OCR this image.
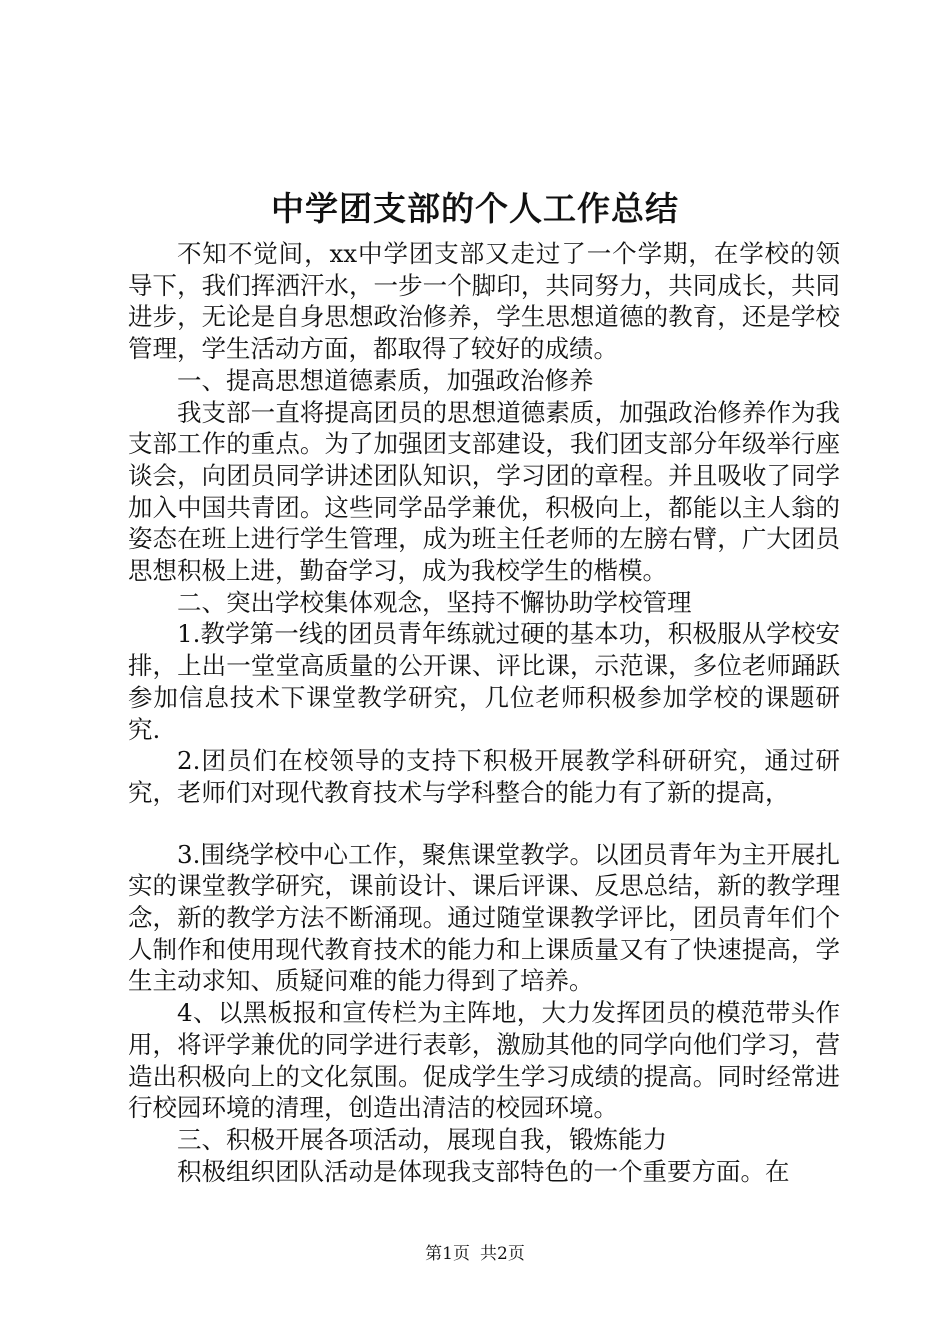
中学团支部的个人工作总结

不知不觉间，xx中学团支部又走过了一个学期，在学校的领导下，我们挥洒汗水，一步一个脚印，共同努力，共同成长，共同进步，无论是自身思想政治修养，学生思想道德的教育，还是学校管理，学生活动方面，都取得了较好的成绩。

一、提高思想道德素质，加强政治修养

我支部一直将提高团员的思想道德素质，加强政治修养作为我支部工作的重点。为了加强团支部建设，我们团支部分年级举行座谈会，向团员同学讲述团队知识，学习团的章程。并且吸收了同学加入中国共青团。这些同学品学兼优，积极向上，都能以主人翁的姿态在班上进行学生管理，成为班主任老师的左膀右臂，广大团员思想积极上进，勤奋学习，成为我校学生的楷模。

二、突出学校集体观念，坚持不懈协助学校管理

1.教学第一线的团员青年练就过硬的基本功，积极服从学校安排，上出一堂堂高质量的公开课、评比课，示范课，多位老师踊跃参加信息技术下课堂教学研究，几位老师积极参加学校的课题研究.

2.团员们在校领导的支持下积极开展教学科研研究，通过研究，老师们对现代教育技术与学科整合的能力有了新的提高，

3.围绕学校中心工作，聚焦课堂教学。以团员青年为主开展扎实的课堂教学研究，课前设计、课后评课、反思总结，新的教学理念，新的教学方法不断涌现。通过随堂课教学评比，团员青年们个人制作和使用现代教育技术的能力和上课质量又有了快速提高，学生主动求知、质疑问难的能力得到了培养。

4、以黑板报和宣传栏为主阵地，大力发挥团员的模范带头作用，将评学兼优的同学进行表彰，激励其他的同学向他们学习，营造出积极向上的文化氛围。促成学生学习成绩的提高。同时经常进行校园环境的清理，创造出清洁的校园环境。

三、积极开展各项活动，展现自我，锻炼能力

积极组织团队活动是体现我支部特色的一个重要方面。在

第1页 共2页
